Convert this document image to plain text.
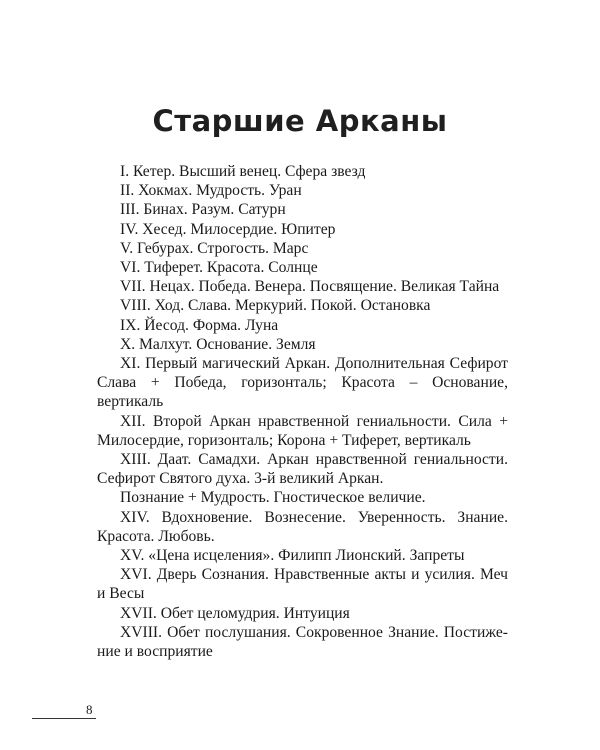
Старшие Арканы
I. Кетер. Высший венец. Сфера звезд
II. Хокмах. Мудрость. Уран
III. Бинах. Разум. Сатурн
IV. Хесед. Милосердие. Юпитер
V. Гебурах. Строгость. Марс
VI. Тиферет. Красота. Солнце
VII. Нецах. Победа. Венера. Посвящение. Великая Тайна
VIII. Ход. Слава. Меркурий. Покой. Остановка
IX. Йесод. Форма. Луна
X. Малхут. Основание. Земля
XI. Первый магический Аркан. Дополнительная Сефирот Слава + Победа, горизонталь; Красота – Основание, вертикаль
XII. Второй Аркан нравственной гениальности. Сила + Милосердие, горизонталь; Корона + Тиферет, вертикаль
XIII. Даат. Самадхи. Аркан нравственной гениальности. Сефирот Святого духа. 3-й великий Аркан.
Познание + Мудрость. Гностическое величие.
XIV. Вдохновение. Вознесение. Уверенность. Знание. Красота. Любовь.
XV. «Цена исцеления». Филипп Лионский. Запреты
XVI. Дверь Сознания. Нравственные акты и усилия. Меч и Весы
XVII. Обет целомудрия. Интуиция
XVIII. Обет послушания. Сокровенное Знание. Постижение и восприятие
8
